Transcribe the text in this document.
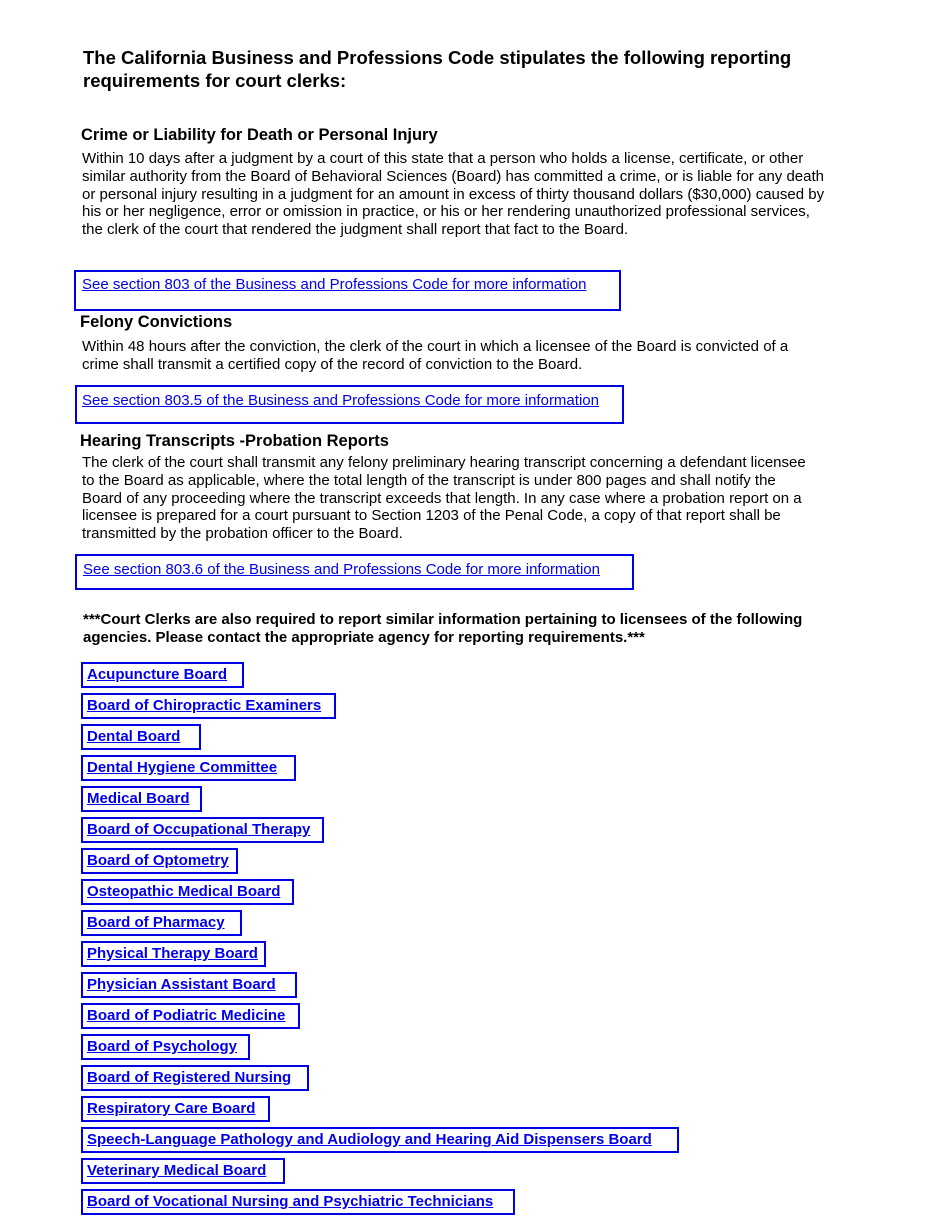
The California Business and Professions Code stipulates the following reporting requirements for court clerks:
Crime or Liability for Death or Personal Injury

Within 10 days after a judgment by a court of this state that a person who holds a license, certificate, or other similar authority from the Board of Behavioral Sciences (Board) has committed a crime, or is liable for any death or personal injury resulting in a judgment for an amount in excess of thirty thousand dollars ($30,000) caused by his or her negligence, error or omission in practice, or his or her rendering unauthorized professional services, the clerk of the court that rendered the judgment shall report that fact to the Board.

See section 803 of the Business and Professions Code for more information
Felony Convictions

Within 48 hours after the conviction, the clerk of the court in which a licensee of the Board is convicted of a crime shall transmit a certified copy of the record of conviction to the Board.

See section 803.5 of the Business and Professions Code for more information
Hearing Transcripts -Probation Reports

The clerk of the court shall transmit any felony preliminary hearing transcript concerning a defendant licensee to the Board as applicable, where the total length of the transcript is under 800 pages and shall notify the Board of any proceeding where the transcript exceeds that length. In any case where a probation report on a licensee is prepared for a court pursuant to Section 1203 of the Penal Code, a copy of that report shall be transmitted by the probation officer to the Board.

See section 803.6 of the Business and Professions Code for more information

***Court Clerks are also required to report similar information pertaining to licensees of the following agencies. Please contact the appropriate agency for reporting requirements.***

Acupuncture Board
Board of Chiropractic Examiners
Dental Board
Dental Hygiene Committee
Medical Board
Board of Occupational Therapy
Board of Optometry
Osteopathic Medical Board
Board of Pharmacy
Physical Therapy Board
Physician Assistant Board
Board of Podiatric Medicine
Board of Psychology
Board of Registered Nursing
Respiratory Care Board
Speech-Language Pathology and Audiology and Hearing Aid Dispensers Board
Veterinary Medical Board
Board of Vocational Nursing and Psychiatric Technicians
